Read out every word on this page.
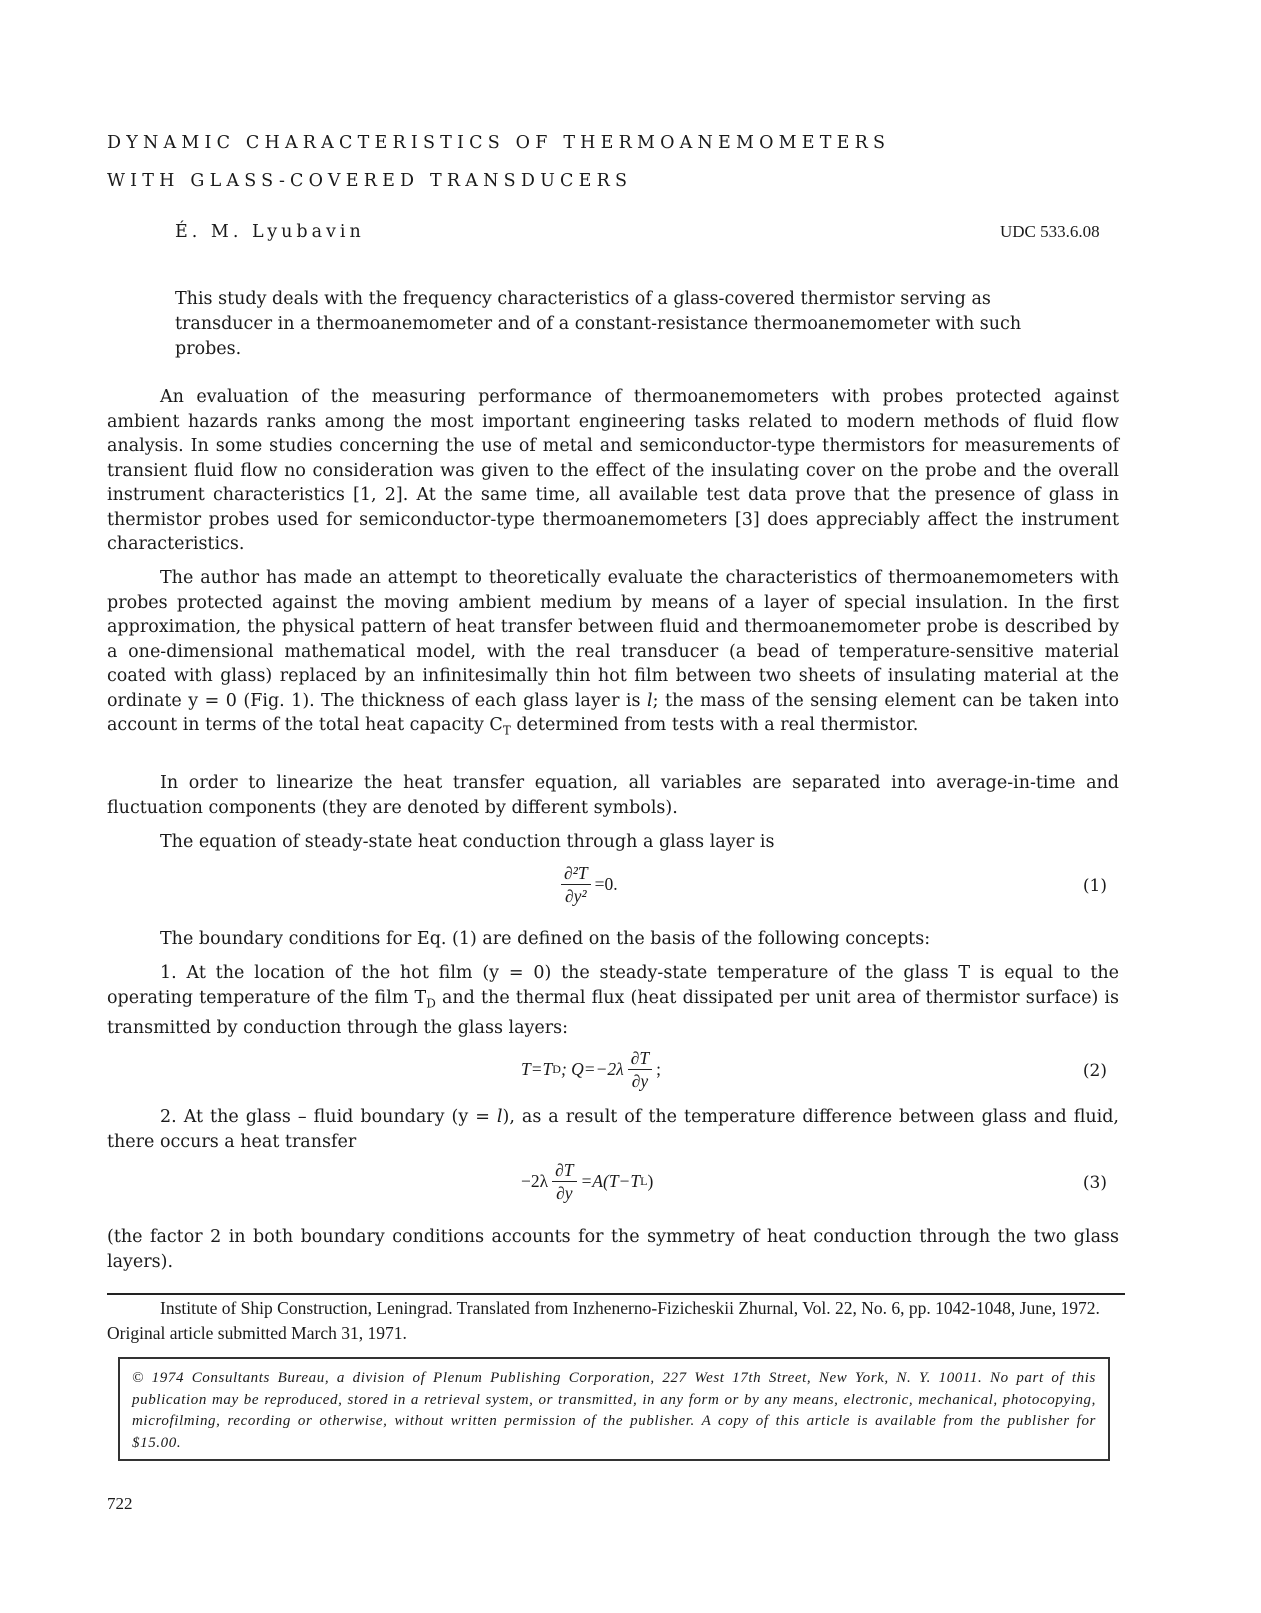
DYNAMIC CHARACTERISTICS OF THERMOANEMOMETERS
WITH GLASS-COVERED TRANSDUCERS
É. M. Lyubavin	UDC 533.6.08
This study deals with the frequency characteristics of a glass-covered thermistor serving as transducer in a thermoanemometer and of a constant-resistance thermoanemometer with such probes.
An evaluation of the measuring performance of thermoanemometers with probes protected against ambient hazards ranks among the most important engineering tasks related to modern methods of fluid flow analysis. In some studies concerning the use of metal and semiconductor-type thermistors for measurements of transient fluid flow no consideration was given to the effect of the insulating cover on the probe and the overall instrument characteristics [1, 2]. At the same time, all available test data prove that the presence of glass in thermistor probes used for semiconductor-type thermoanemometers [3] does appreciably affect the instrument characteristics.
The author has made an attempt to theoretically evaluate the characteristics of thermoanemometers with probes protected against the moving ambient medium by means of a layer of special insulation. In the first approximation, the physical pattern of heat transfer between fluid and thermoanemometer probe is described by a one-dimensional mathematical model, with the real transducer (a bead of temperature-sensitive material coated with glass) replaced by an infinitesimally thin hot film between two sheets of insulating material at the ordinate y = 0 (Fig. 1). The thickness of each glass layer is l; the mass of the sensing element can be taken into account in terms of the total heat capacity $C_T$ determined from tests with a real thermistor.
In order to linearize the heat transfer equation, all variables are separated into average-in-time and fluctuation components (they are denoted by different symbols).
The equation of steady-state heat conduction through a glass layer is
$\frac{\text{∂²T}}{\text{∂y²}} =0$.	(1)
The boundary conditions for Eq. (1) are defined on the basis of the following concepts:
1. At the location of the hot film (y = 0) the steady-state temperature of the glass T is equal to the operating temperature of the film $T_D$ and the thermal flux (heat dissipated per unit area of thermistor surface) is transmitted by conduction through the glass layers:
T=T D ; $Q=-2\lambda \frac{\partial T}{\partial y}$ ;	(2)
2. At the glass – fluid boundary (y = l), as a result of the temperature difference between glass and fluid, there occurs a heat transfer
$-2\lambda \frac{\partial T}{\partial y} =A(T-T$ L )	(3)
(the factor 2 in both boundary conditions accounts for the symmetry of heat conduction through the two glass layers).
Institute of Ship Construction, Leningrad. Translated from Inzhenerno-Fizicheskii Zhurnal, Vol. 22, No. 6, pp. 1042-1048, June, 1972. Original article submitted March 31, 1971.
© 1974 Consultants Bureau, a division of Plenum Publishing Corporation, 227 West 17th Street, New York, N. Y. 10011. No part of this publication may be reproduced, stored in a retrieval system, or transmitted, in any form or by any means, electronic, mechanical, photocopying, microfilming, recording or otherwise, without written permission of the publisher. A copy of this article is available from the publisher for $15.00.
722
